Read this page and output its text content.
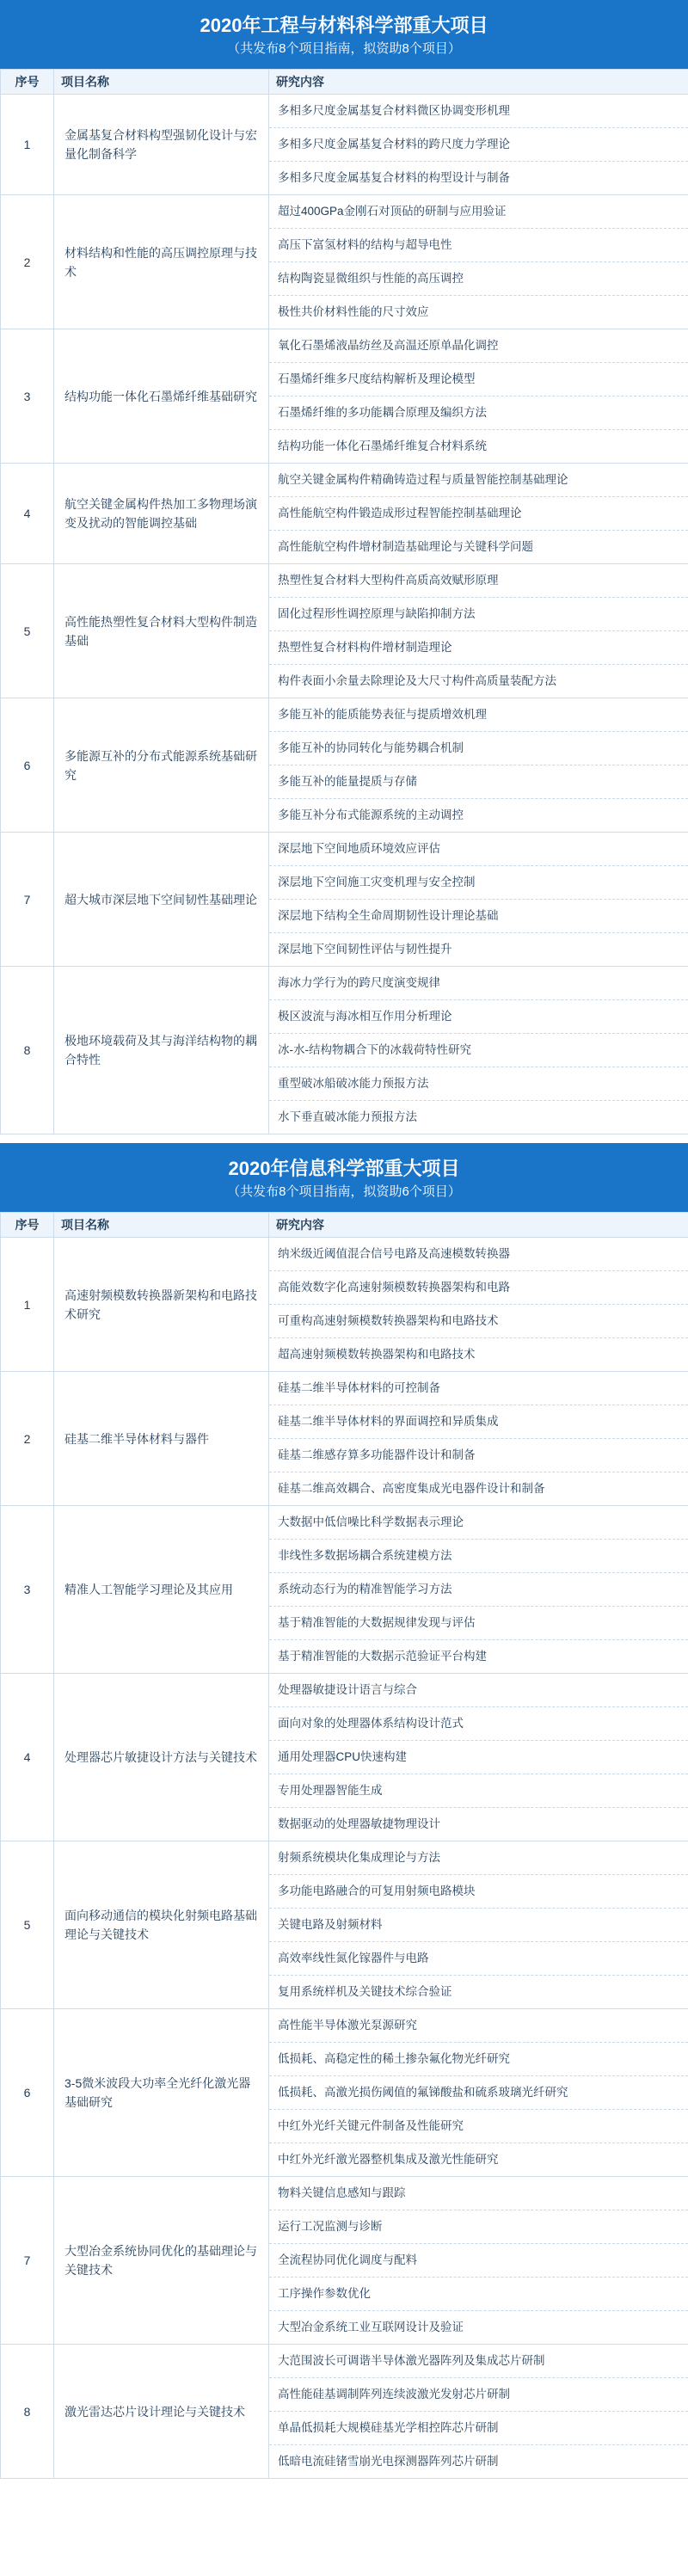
2020年工程与材料科学部重大项目
（共发布8个项目指南，拟资助8个项目）
序号	项目名称	研究内容
1	金属基复合材料构型强韧化设计与宏量化制备科学	多相多尺度金属基复合材料微区协调变形机理
多相多尺度金属基复合材料的跨尺度力学理论
多相多尺度金属基复合材料的构型设计与制备

2	材料结构和性能的高压调控原理与技术	超过400GPa金刚石对顶砧的研制与应用验证
高压下富氢材料的结构与超导电性
结构陶瓷显微组织与性能的高压调控
极性共价材料性能的尺寸效应

3	结构功能一体化石墨烯纤维基础研究	氧化石墨烯液晶纺丝及高温还原单晶化调控
石墨烯纤维多尺度结构解析及理论模型
石墨烯纤维的多功能耦合原理及编织方法
结构功能一体化石墨烯纤维复合材料系统

4	航空关键金属构件热加工多物理场演变及扰动的智能调控基础	航空关键金属构件精确铸造过程与质量智能控制基础理论
高性能航空构件锻造成形过程智能控制基础理论
高性能航空构件增材制造基础理论与关键科学问题

5	高性能热塑性复合材料大型构件制造基础	热塑性复合材料大型构件高质高效赋形原理
固化过程形性调控原理与缺陷抑制方法
热塑性复合材料构件增材制造理论
构件表面小余量去除理论及大尺寸构件高质量装配方法

6	多能源互补的分布式能源系统基础研究	多能互补的能质能势表征与提质增效机理
多能互补的协同转化与能势耦合机制
多能互补的能量提质与存储
多能互补分布式能源系统的主动调控

7	超大城市深层地下空间韧性基础理论	深层地下空间地质环境效应评估
深层地下空间施工灾变机理与安全控制
深层地下结构全生命周期韧性设计理论基础
深层地下空间韧性评估与韧性提升

8	极地环境载荷及其与海洋结构物的耦合特性	海冰力学行为的跨尺度演变规律
极区波流与海冰相互作用分析理论
冰-水-结构物耦合下的冰载荷特性研究
重型破冰船破冰能力预报方法
水下垂直破冰能力预报方法
2020年信息科学部重大项目
（共发布8个项目指南，拟资助6个项目）
序号	项目名称	研究内容
1	高速射频模数转换器新架构和电路技术研究	纳米级近阈值混合信号电路及高速模数转换器
高能效数字化高速射频模数转换器架构和电路
可重构高速射频模数转换器架构和电路技术
超高速射频模数转换器架构和电路技术

2	硅基二维半导体材料与器件	硅基二维半导体材料的可控制备
硅基二维半导体材料的界面调控和异质集成
硅基二维感存算多功能器件设计和制备
硅基二维高效耦合、高密度集成光电器件设计和制备

3	精准人工智能学习理论及其应用	大数据中低信噪比科学数据表示理论
非线性多数据场耦合系统建模方法
系统动态行为的精准智能学习方法
基于精准智能的大数据规律发现与评估
基于精准智能的大数据示范验证平台构建

4	处理器芯片敏捷设计方法与关键技术	处理器敏捷设计语言与综合
面向对象的处理器体系结构设计范式
通用处理器CPU快速构建
专用处理器智能生成
数据驱动的处理器敏捷物理设计

5	面向移动通信的模块化射频电路基础理论与关键技术	射频系统模块化集成理论与方法
多功能电路融合的可复用射频电路模块
关键电路及射频材料
高效率线性氮化镓器件与电路
复用系统样机及关键技术综合验证

6	3-5微米波段大功率全光纤化激光器基础研究	高性能半导体激光泵源研究
低损耗、高稳定性的稀土掺杂氟化物光纤研究
低损耗、高激光损伤阈值的氟锑酸盐和硫系玻璃光纤研究
中红外光纤关键元件制备及性能研究
中红外光纤激光器整机集成及激光性能研究

7	大型冶金系统协同优化的基础理论与关键技术	物料关键信息感知与跟踪
运行工况监测与诊断
全流程协同优化调度与配料
工序操作参数优化
大型冶金系统工业互联网设计及验证

8	激光雷达芯片设计理论与关键技术	大范围波长可调谐半导体激光器阵列及集成芯片研制
高性能硅基调制阵列连续波激光发射芯片研制
单晶低损耗大规模硅基光学相控阵芯片研制
低暗电流硅锗雪崩光电探测器阵列芯片研制
